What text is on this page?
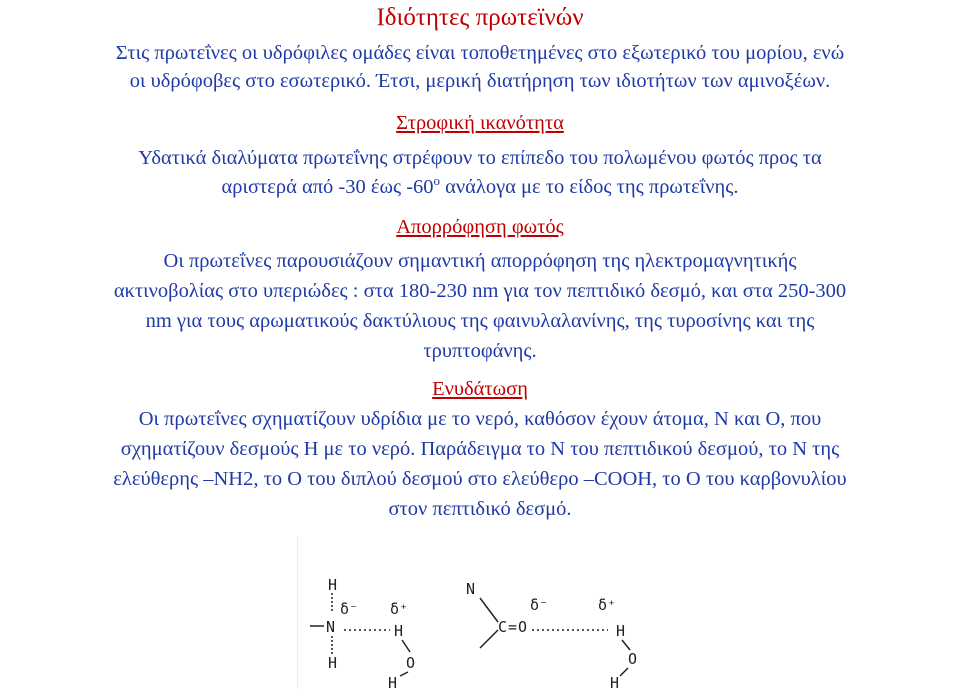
Ιδιότητες πρωτεϊνών
Στις πρωτεΐνες οι υδρόφιλες ομάδες είναι τοποθετημένες στο εξωτερικό του μορίου, ενώ
οι υδρόφοβες στο εσωτερικό. Έτσι, μερική διατήρηση των ιδιοτήτων των αμινοξέων.
Στροφική ικανότητα
Υδατικά διαλύματα πρωτεΐνης στρέφουν το επίπεδο του πολωμένου φωτός προς τα
αριστερά από -30 έως $-60^o$ ανάλογα με το είδος της πρωτεΐνης.
Απορρόφηση φωτός
Οι πρωτεΐνες παρουσιάζουν σημαντική απορρόφηση της ηλεκτρομαγνητικής
ακτινοβολίας στο υπεριώδες : στα 180-230 nm για τον πεπτιδικό δεσμό, και στα 250-300
nm για τους αρωματικούς δακτύλιους της φαινυλαλανίνης, της τυροσίνης και της
τρυπτοφάνης.
Ενυδάτωση
Οι πρωτεΐνες σχηματίζουν υδρίδια με το νερό, καθόσον έχουν άτομα, Ν και Ο, που
σχηματίζουν δεσμούς Η με το νερό. Παράδειγμα το Ν του πεπτιδικού δεσμού, το Ν της
ελεύθερης –ΝΗ2, το Ο του διπλού δεσμού στο ελεύθερο –COOH, το Ο του καρβονυλίου
στον πεπτιδικό δεσμό.
H
N
H
δ⁻ δ⁺
H
O
H
N
C = O
δ⁻	δ⁺
H
O
H
